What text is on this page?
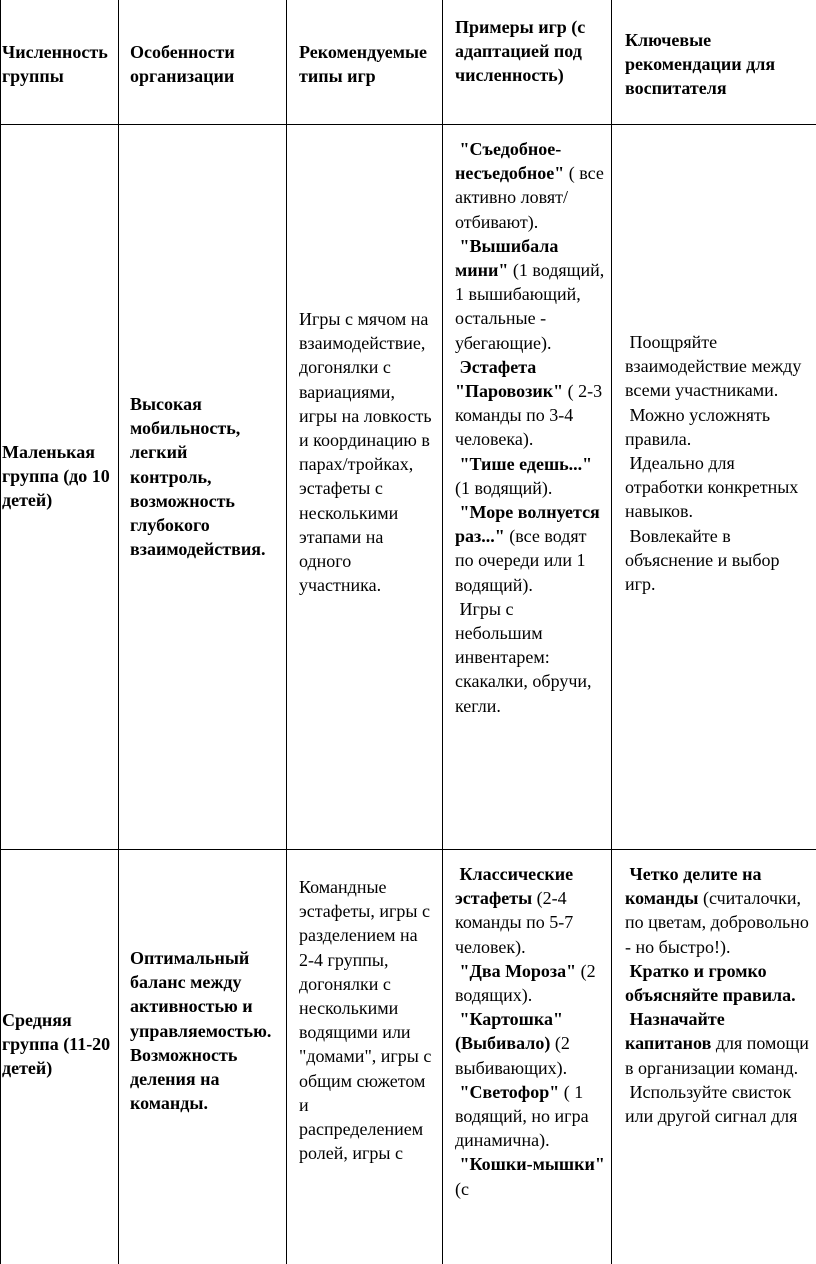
Численность группы
Особенности организации
Рекомендуемые типы игр
Примеры игр (с адаптацией под численность)
Ключевые рекомендации для воспитателя
Маленькая группа (до 10 детей)
Высокая мобильность, легкий контроль, возможность глубокого взаимодействия.
Игры с мячом на взаимодействие, догонялки с вариациями, игры на ловкость и координацию в парах/тройках, эстафеты с несколькими этапами на одного участника.

"Съедобное-несъедобное" ( все активно ловят/отбивают).

"Вышибала мини" (1 водящий, 1 вышибающий, остальные - убегающие).

Эстафета "Паровозик" ( 2-3 команды по 3-4 человека).

"Тише едешь..." (1 водящий).

"Море волнуется раз..." (все водят по очереди или 1 водящий).

Игры с небольшим инвентарем: скакалки, обручи, кегли.

Поощряйте взаимодействие между всеми участниками.

Можно усложнять правила.

Идеально для отработки конкретных навыков.

Вовлекайте в объяснение и выбор игр.

Средняя группа (11-20 детей)
Оптимальный баланс между активностью и управляемостью. Возможность деления на команды.
Командные эстафеты, игры с разделением на 2-4 группы, догонялки с несколькими водящими или "домами", игры с общим сюжетом и распределением ролей, игры с

Классические эстафеты (2-4 команды по 5-7 человек).

"Два Мороза" (2 водящих).

"Картошка" (Выбивало) (2 выбивающих).

"Светофор" ( 1 водящий, но игра динамична).

"Кошки-мышки" (с

Четко делите на команды (считалочки, по цветам, добровольно - но быстро!).

Кратко и громко объясняйте правила.

Назначайте капитанов для помощи в организации команд.

Используйте свисток или другой сигнал для
